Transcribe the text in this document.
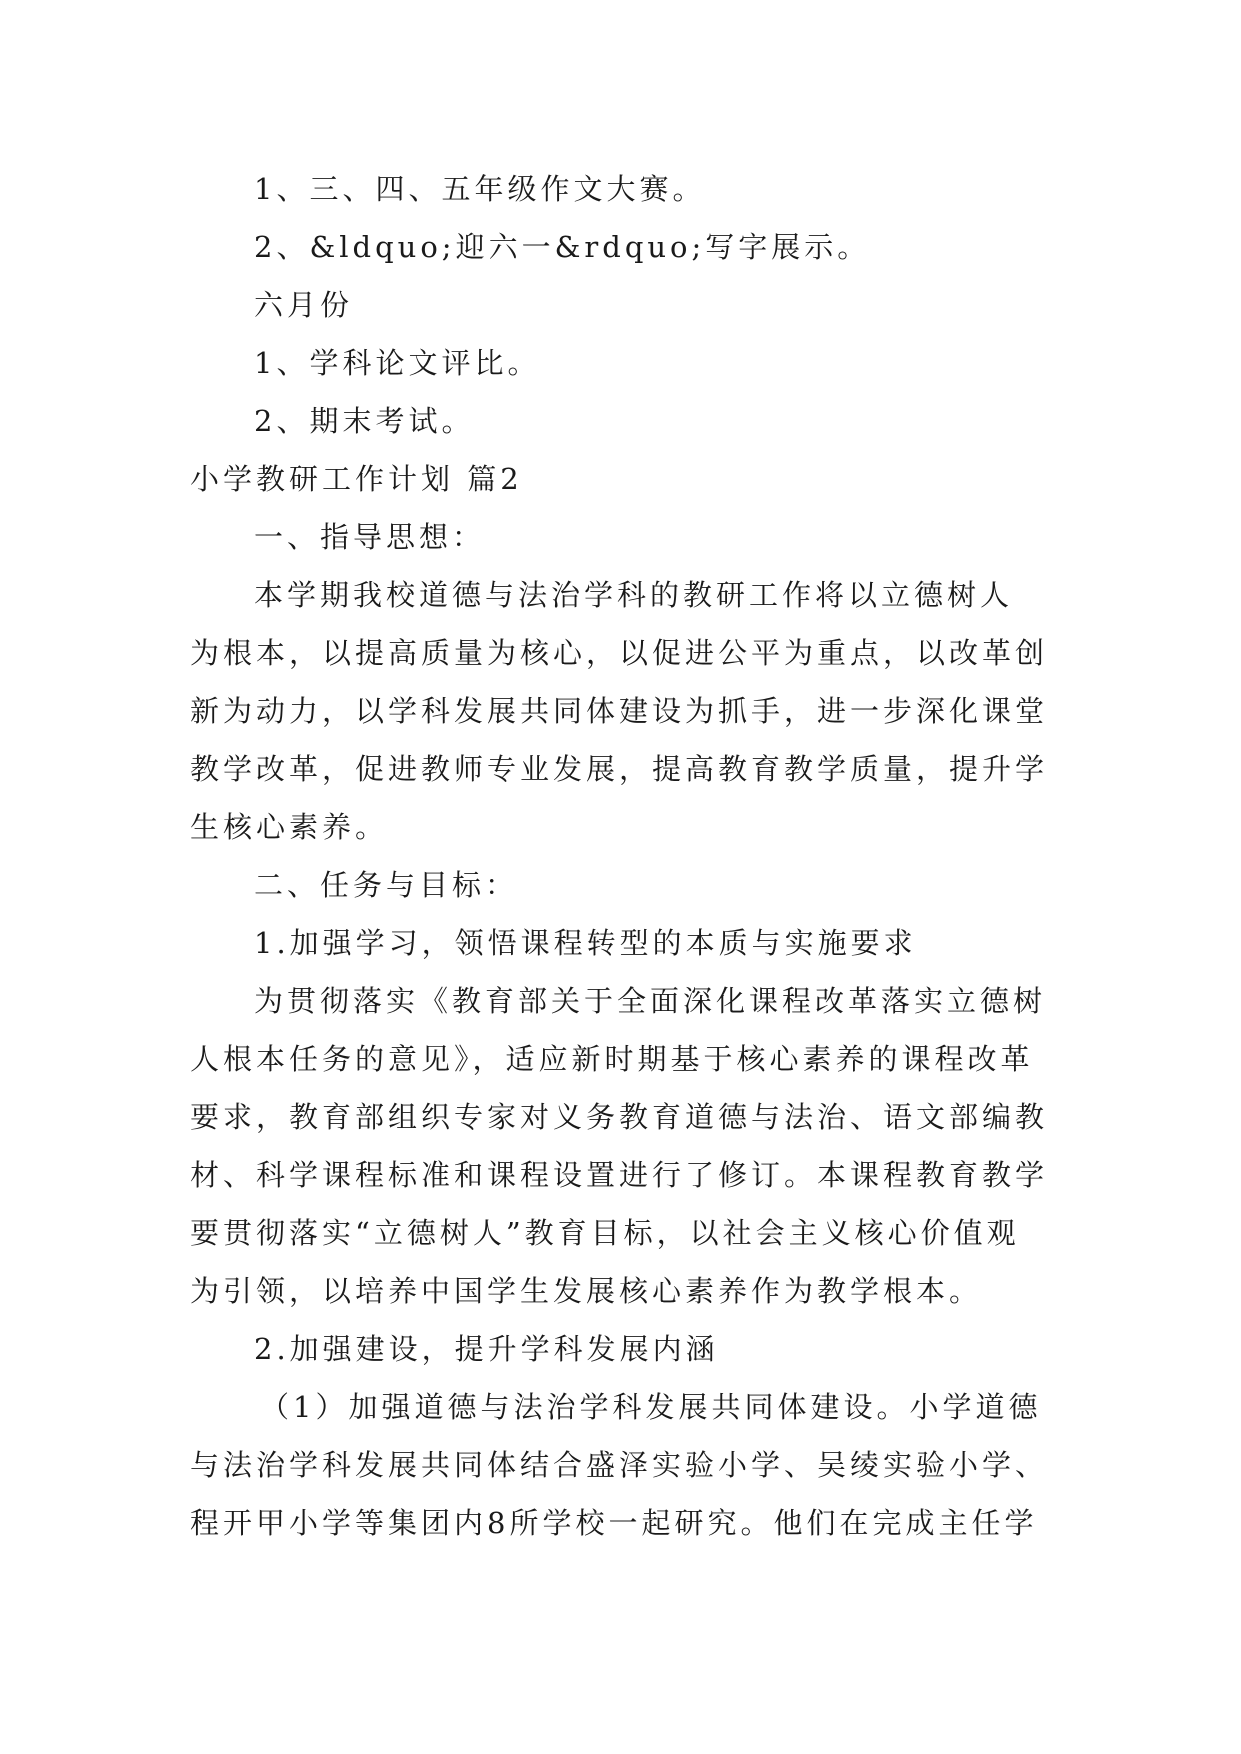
1、三、四、五年级作文大赛。
2、&ldquo;迎六一&rdquo;写字展示。
六月份
1、学科论文评比。
2、期末考试。
小学教研工作计划 篇2
一、指导思想：
本学期我校道德与法治学科的教研工作将以立德树人
为根本，以提高质量为核心，以促进公平为重点，以改革创
新为动力，以学科发展共同体建设为抓手，进一步深化课堂
教学改革，促进教师专业发展，提高教育教学质量，提升学
生核心素养。
二、任务与目标：
1.加强学习，领悟课程转型的本质与实施要求
为贯彻落实《教育部关于全面深化课程改革落实立德树
人根本任务的意见》，适应新时期基于核心素养的课程改革
要求，教育部组织专家对义务教育道德与法治、语文部编教
材、科学课程标准和课程设置进行了修订。本课程教育教学
要贯彻落实“立德树人”教育目标，以社会主义核心价值观
为引领，以培养中国学生发展核心素养作为教学根本。
2.加强建设，提升学科发展内涵
（1）加强道德与法治学科发展共同体建设。小学道德
与法治学科发展共同体结合盛泽实验小学、吴绫实验小学、
程开甲小学等集团内8所学校一起研究。他们在完成主任学
